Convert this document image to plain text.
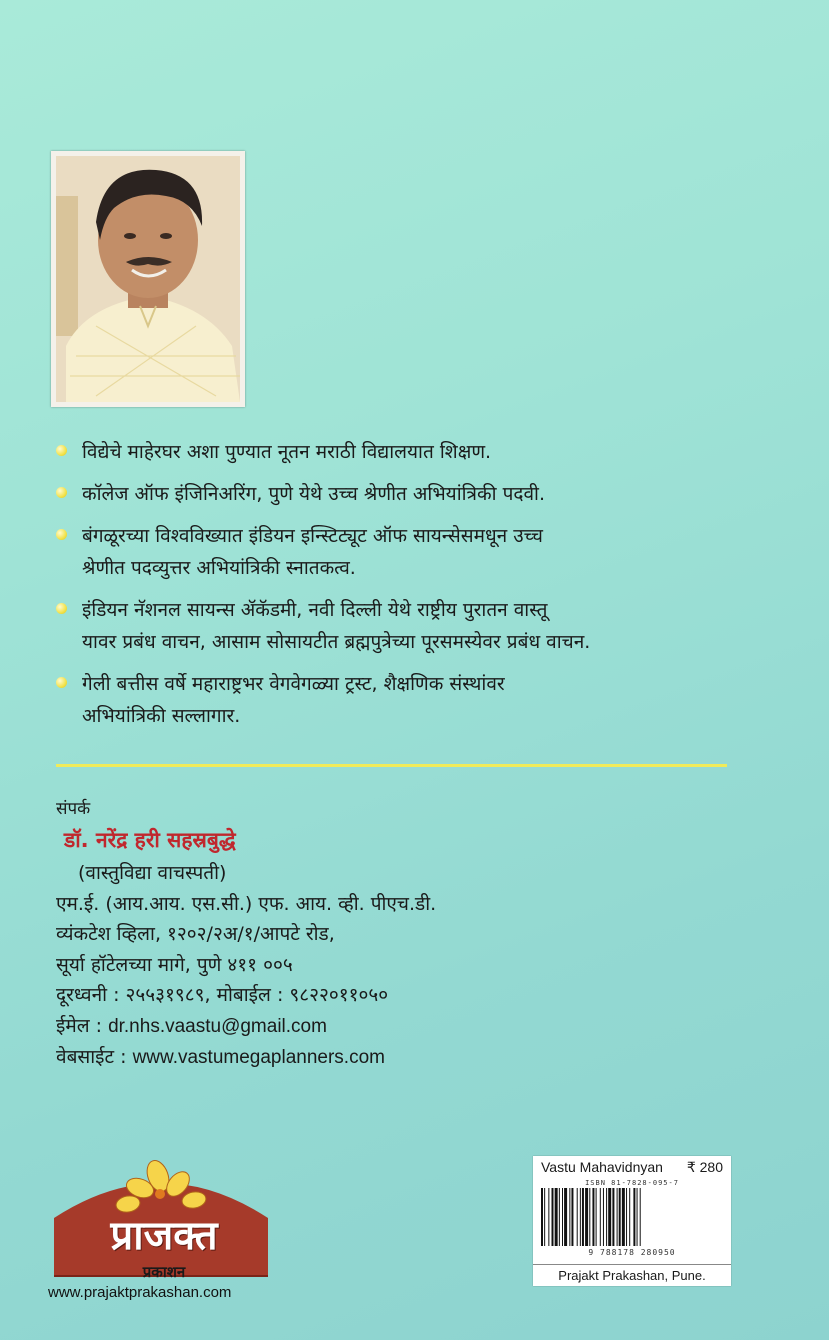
विद्येचे माहेरघर अशा पुण्यात नूतन मराठी विद्यालयात शिक्षण.
कॉलेज ऑफ इंजिनिअरिंग, पुणे येथे उच्च श्रेणीत अभियांत्रिकी पदवी.
बंगळूरच्या विश्वविख्यात इंडियन इन्स्टिट्यूट ऑफ सायन्सेसमधून उच्च
श्रेणीत पदव्युत्तर अभियांत्रिकी स्नातकत्व.
इंडियन नॅशनल सायन्स ॲकॅडमी, नवी दिल्ली येथे राष्ट्रीय पुरातन वास्तू
यावर प्रबंध वाचन, आसाम सोसायटीत ब्रह्मपुत्रेच्या पूरसमस्येवर प्रबंध वाचन.
गेली बत्तीस वर्षे महाराष्ट्रभर वेगवेगळ्या ट्रस्ट, शैक्षणिक संस्थांवर
अभियांत्रिकी सल्लागार.
संपर्क
डॉ. नरेंद्र हरी सहस्रबुद्धे
(वास्तुविद्या वाचस्पती)
एम.ई. (आय.आय. एस.सी.) एफ. आय. व्ही. पीएच.डी.
व्यंकटेश व्हिला, १२०२/२अ/१/आपटे रोड,
सूर्या हॉटेलच्या मागे, पुणे ४११ ००५
दूरध्वनी : २५५३१९८९, मोबाईल : ९८२२०११०५०
ईमेल : dr.nhs.vaastu@gmail.com
वेबसाईट : www.vastumegaplanners.com
प्राजक्त
प्रकाशन
www.prajaktprakashan.com
Vastu Mahavidnyan ₹ 280
ISBN 81-7828-095-7
9 788178 280950
Prajakt Prakashan, Pune.
